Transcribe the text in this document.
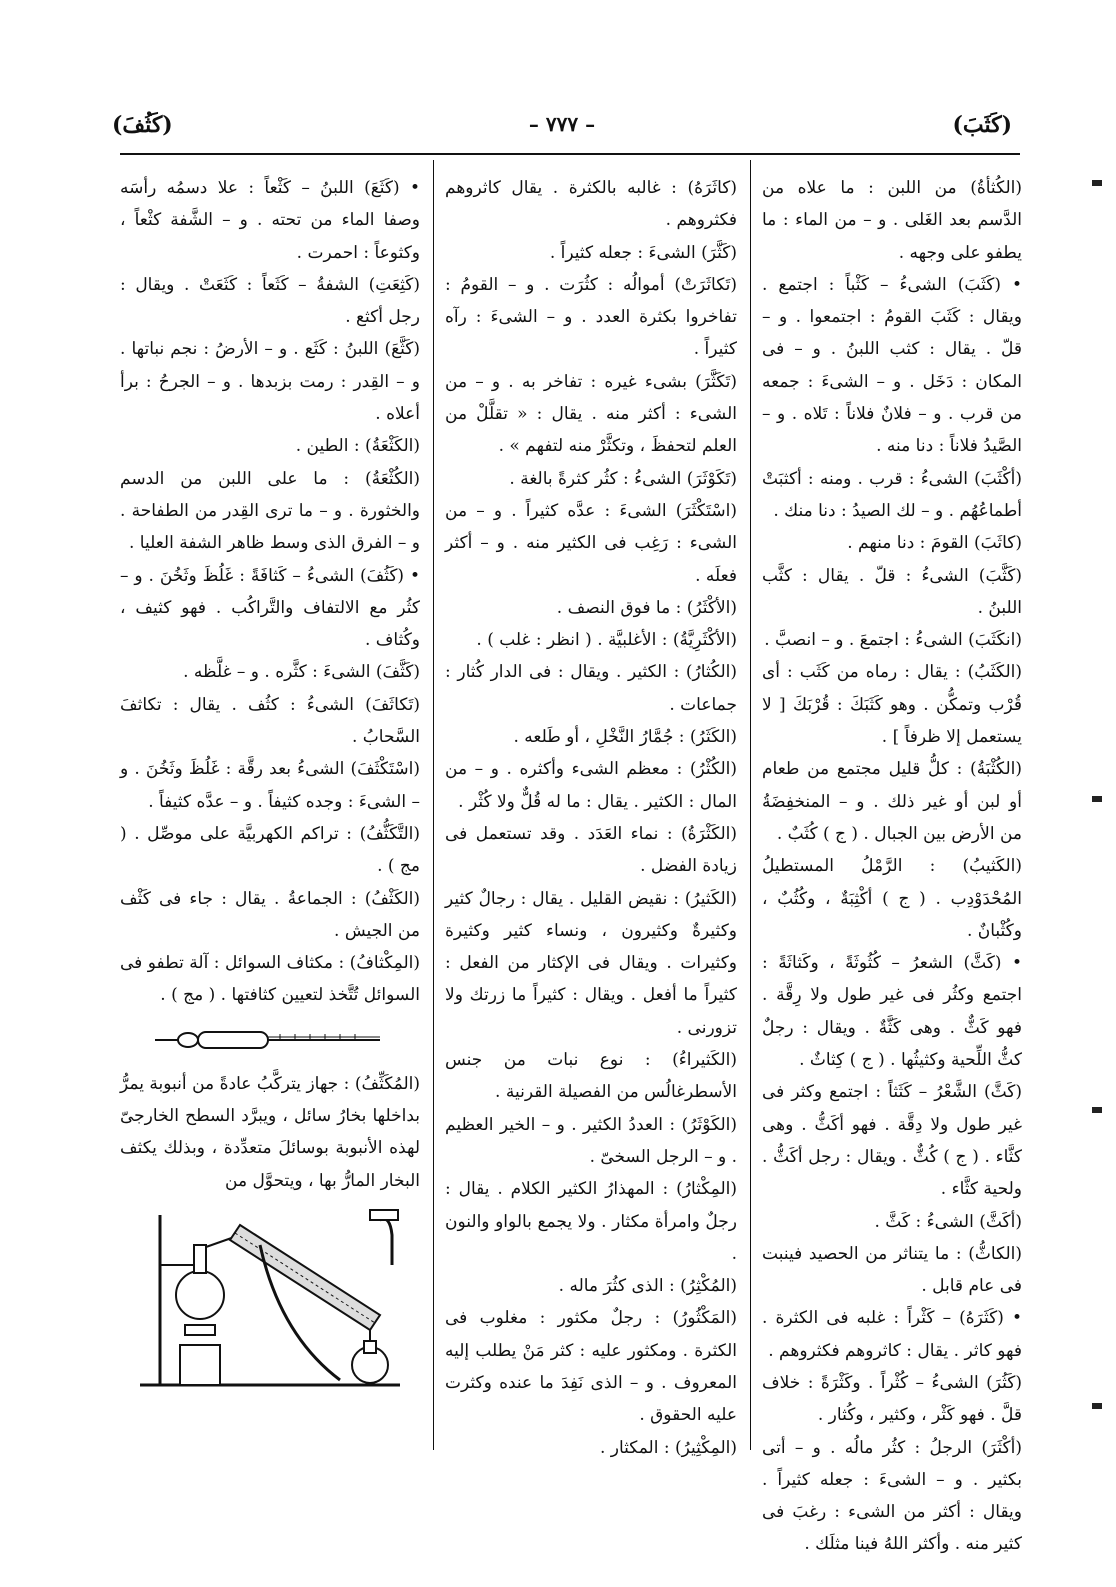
(كَثَبَ)
– ٧٧٧ –
(كَثُفَ)

(الكُثأةُ) من اللبن : ما علاه من الدَّسم بعد الغَلى . و – من الماء : ما يطفو على وجهه .

• (كَثَبَ) الشىءُ – كَثْباً : اجتمع . ويقال : كَثَبَ القومُ : اجتمعوا . و – قلّ . يقال : كثب اللبنُ . و – فى المكان : دَخَل . و – الشىءَ : جمعه من قرب . و – فلانٌ فلاناً : تَلاه . و – الصَّيدُ فلاناً : دنا منه .

(أكْثَبَ) الشىءُ : قرب . ومنه : أكثبَتْ أطماعُهُم . و – لك الصيدُ : دنا منك .

(كاثَبَ) القومَ : دنا منهم .

(كَثَّبَ) الشىءُ : قلّ . يقال : كثَّب اللبنُ .

(انكَثَبَ) الشىءُ : اجتمعَ . و – انصبَّ .

(الكَثَبُ) : يقال : رماه من كَثَب : أى قُرْب وتمكُّن . وهو كَثَبَكَ : قُرْبَكَ [ لا يستعمل إلا ظرفاً ] .

(الكُثْبَةُ) : كلُّ قليل مجتمع من طعام أو لبن أو غير ذلك . و – المنخفِضَةُ من الأرض بين الجبال . ( ج ) كُثَبٌ .

(الكَثيبُ) : الرَّمْلُ المستطيلُ المُحْدَوْدِب . ( ج ) أكْثِبَةٌ ، وكُثُبٌ ، وكُثْبانٌ .

• (كَثَّ) الشعرُ – كُثُوثَةً ، وكَثاثَةً : اجتمع وكثُر فى غير طول ولا رِقَّة . فهو كَثٌّ . وهى كَثَّةٌ . ويقال : رجلٌ كثُّ اللِّحية وكثيثُها . ( ج ) كِثاثٌ .

(كَثَّ) الشَّعْرُ – كَثَثاً : اجتمع وكثر فى غير طول ولا دِقَّة . فهو أكَثُّ . وهى كثَّاء . ( ج ) كُثٌّ . ويقال : رجل أكَثُّ . ولحية كثَّاء .

(أكَثَّ) الشىءُ : كَثَّ .

(الكاثُّ) : ما يتناثر من الحصيد فينبت فى عام قابل .

• (كَثَرَهُ) – كَثْراً : غلبه فى الكثرة . فهو كاثر . يقال : كاثروهم فكثروهم .

(كَثُرَ) الشىءُ – كُثْراً . وكَثْرَةً : خلاف قلَّ . فهو كَثْر ، وكثير ، وكُثار .

(أكْثَرَ) الرجلُ : كثُر مالُه . و – أتى بكثير . و – الشىءَ : جعله كثيراً . ويقال : أكثر من الشىء : رغبَ فى كثير منه . وأكثر اللهُ فينا مثلَك .

(كاثَرَهُ) : غالبه بالكثرة . يقال كاثروهم فكثروهم .

(كَثَّرَ) الشىءَ : جعله كثيراً .

(تَكاثَرَتْ) أموالُه : كثُرَت . و – القومُ : تفاخروا بكثرة العدد . و – الشىءَ : رآه كثيراً .

(تَكَثَّرَ) بشىء غيره : تفاخر به . و – من الشىء : أكثر منه . يقال : « تقلَّلْ من العلم لتحفظَ ، وتكثَّرْ منه لتفهم » .

(تَكَوْثَرَ) الشىءُ : كثُر كثرةً بالغة .

(اسْتَكْثَرَ) الشىءَ : عدَّه كثيراً . و – من الشىء : رَغِب فى الكثير منه . و – أكثر فعلَه .

(الأكْثَرُ) : ما فوق النصف .

(الأكْثَرِيَّةُ) : الأغلبيَّة . ( انظر : غلب ) .

(الكُثارُ) : الكثير . ويقال : فى الدار كُثار : جماعات .

(الكَثَرُ) : جُمَّارُ النَّخْلِ ، أو طَلعه .

(الكُثْرُ) : معظم الشىء وأكثره . و – من المال : الكثير . يقال : ما له قُلٌّ ولا كُثْر .

(الكَثْرَةُ) : نماء العَدَد . وقد تستعمل فى زيادة الفضل .

(الكَثيرُ) : نقيض القليل . يقال : رجالٌ كثير وكثيرةٌ وكثيرون ، ونساء كثير وكثيرة وكثيرات . ويقال فى الإكثار من الفعل : كثيراً ما أفعل . ويقال : كثيراً ما زرتك ولا تزورنى .

(الكَثيراءُ) : نوع نبات من جنس الأسطرغالُس من الفصيلة القرنية .

(الكَوْثَرُ) : العددُ الكثير . و – الخير العظيم . و – الرجل السخىّ .

(المِكْثارُ) : المهذارُ الكثير الكلام . يقال : رجلٌ وامرأة مكثار . ولا يجمع بالواو والنون .

(المُكْثِرُ) : الذى كثُرَ ماله .

(المَكْثُورُ) : رجلٌ مكثور : مغلوب فى الكثرة . ومكثور عليه : كثر مَنْ يطلب إليه المعروف . و – الذى نَفِدَ ما عنده وكثرت عليه الحقوق .

(المِكْثِيرُ) : المكثار .

• (كَثَعَ) اللبنُ – كَثْعاً : علا دسمُه رأسَه وصفا الماء من تحته . و – الشَّفة كثْعاً ، وكثوعاً : احمرت .

(كَثِعَتِ) الشفةُ – كَثَعاً : كَثَعَتْ . ويقال : رجل أكثع .

(كَثَّعَ) اللبنُ : كَثَع . و – الأرضُ : نجم نباتها . و – القِدر : رمت بزبدها . و – الجرحُ : برأ أعلاه .

(الكَثْعَةُ) : الطين .

(الكُثْعَةُ) : ما على اللبن من الدسم والخثورة . و – ما ترى القِدر من الطفاحة . و – الفرق الذى وسط ظاهر الشفة العليا .

• (كَثُفَ) الشىءُ – كَثافَةً : غَلُظَ وثَخُنَ . و – كثُر مع الالتفاف والتَّراكُب . فهو كثيف ، وكُثاف .

(كَثَّفَ) الشىءَ : كثَّره . و – غلَّظه .

(تَكاثَفَ) الشىءُ : كثُف . يقال : تكاثفَ السَّحابُ .

(اسْتَكْثَفَ) الشىءُ بعد رقَّة : غَلُظَ وثَخُنَ . و – الشىءَ : وجده كثيفاً . و – عدَّه كثيفاً .

(التَّكَثُّفُ) : تراكم الكهربيَّة على موصِّل . ( مج ) .

(الكَثْفُ) : الجماعةُ . يقال : جاء فى كَثْف من الجيش .

(المِكْثافُ) : مكثاف السوائل : آلة تطفو فى السوائل تُتَّخذ لتعيين كثافتها . ( مج ) .

(المُكَثِّفُ) : جهاز يتركَّبُ عادةً من أنبوبة يمرُّ بداخلها بخارُ سائل ، ويبرَّد السطح الخارجىّ لهذه الأنبوبة بوسائلَ متعدِّدة ، وبذلك يكثف البخار المارُّ بها ، ويتحوَّل من
